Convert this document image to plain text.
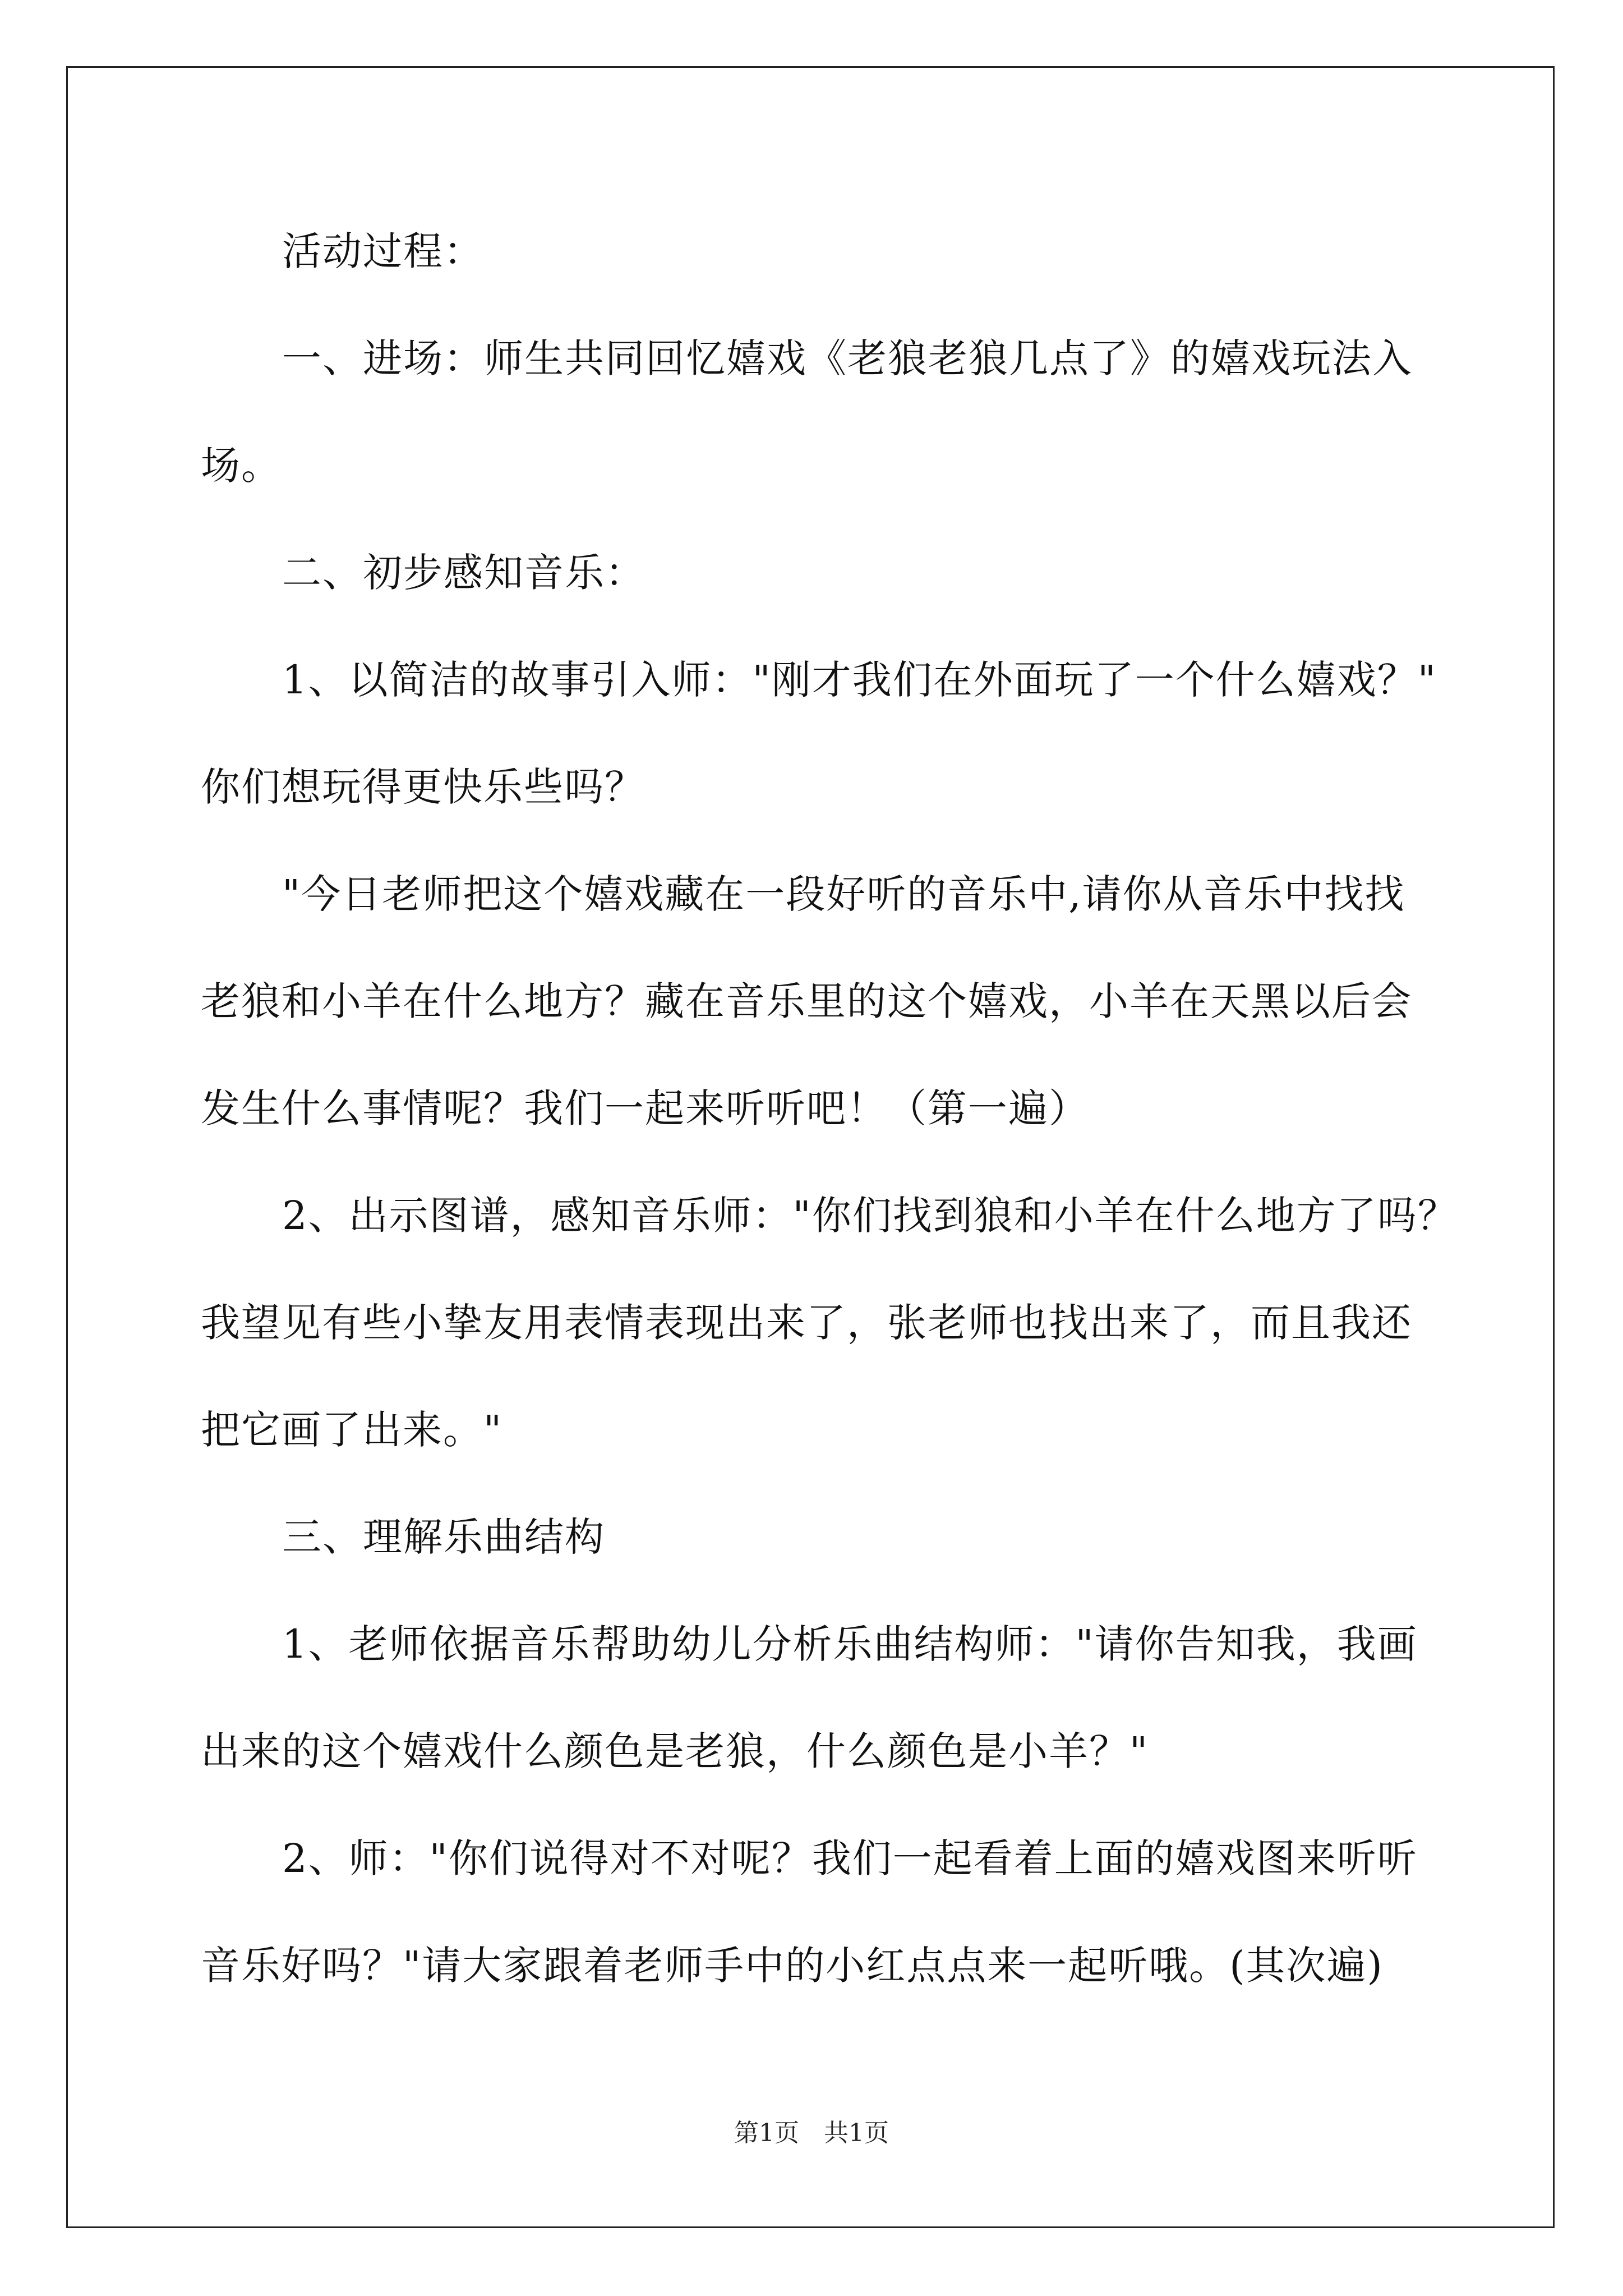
活动过程：
一、进场：师生共同回忆嬉戏《老狼老狼几点了》的嬉戏玩法入
场。
二、初步感知音乐：
1、以简洁的故事引入师："刚才我们在外面玩了一个什么嬉戏？"
你们想玩得更快乐些吗？
"今日老师把这个嬉戏藏在一段好听的音乐中,请你从音乐中找找
老狼和小羊在什么地方？藏在音乐里的这个嬉戏，小羊在天黑以后会
发生什么事情呢？我们一起来听听吧！（第一遍）
2、出示图谱，感知音乐师："你们找到狼和小羊在什么地方了吗？
我望见有些小挚友用表情表现出来了，张老师也找出来了，而且我还
把它画了出来。"
三、理解乐曲结构
1、老师依据音乐帮助幼儿分析乐曲结构师："请你告知我，我画
出来的这个嬉戏什么颜色是老狼，什么颜色是小羊？"
2、师："你们说得对不对呢？我们一起看着上面的嬉戏图来听听
音乐好吗？"请大家跟着老师手中的小红点点来一起听哦。(其次遍)
第1页　共1页
